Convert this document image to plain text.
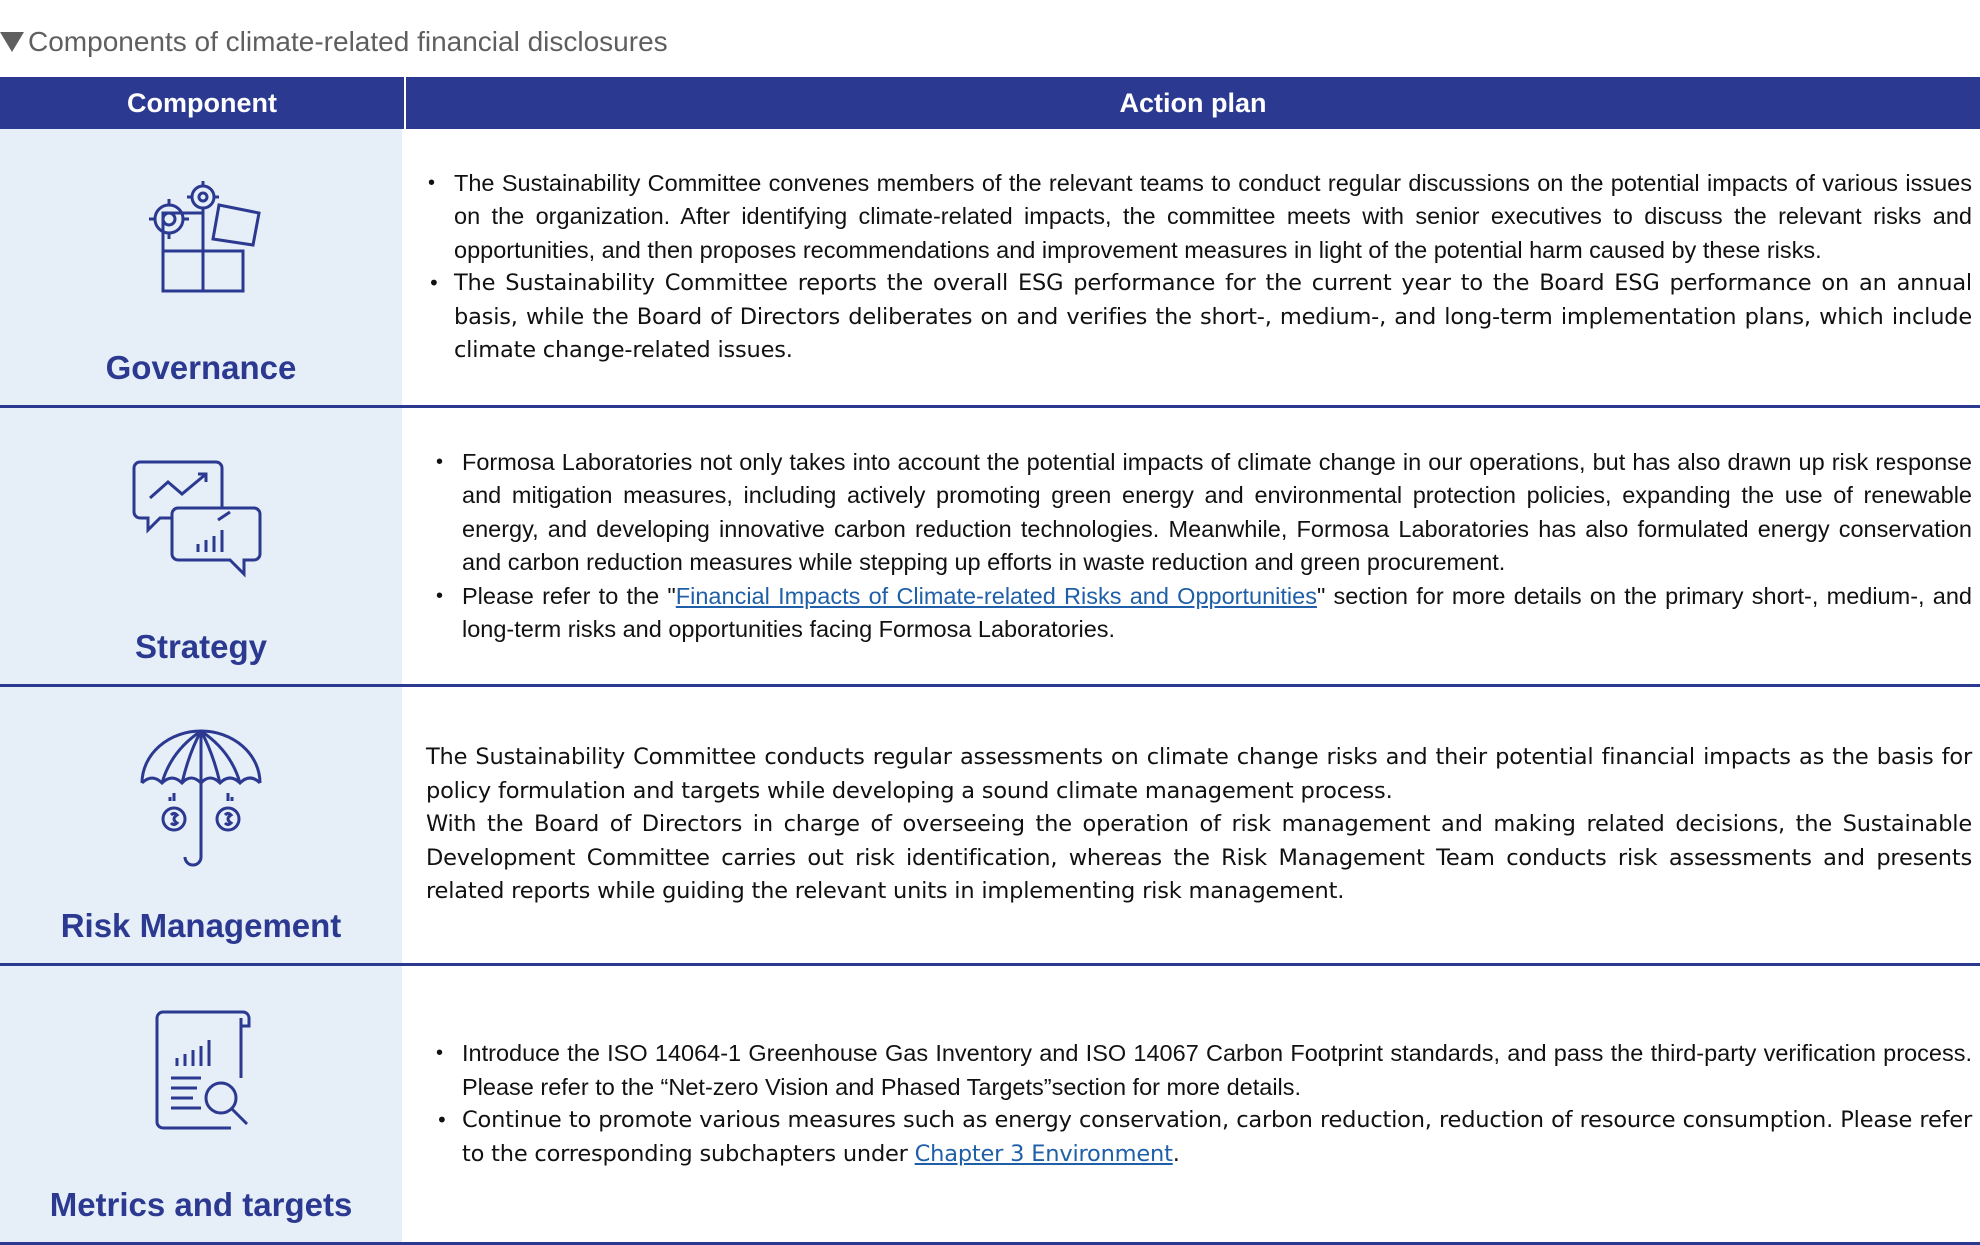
Components of climate-related financial disclosures
Component	Action plan
Governance
• The Sustainability Committee convenes members of the relevant teams to conduct regular discussions on the potential impacts of various issues on the organization. After identifying climate-related impacts, the committee meets with senior executives to discuss the relevant risks and opportunities, and then proposes recommendations and improvement measures in light of the potential harm caused by these risks.
• The Sustainability Committee reports the overall ESG performance for the current year to the Board ESG performance on an annual basis, while the Board of Directors deliberates on and verifies the short-, medium-, and long-term implementation plans, which include climate change-related issues.
Strategy
• Formosa Laboratories not only takes into account the potential impacts of climate change in our operations, but has also drawn up risk response and mitigation measures, including actively promoting green energy and environmental protection policies, expanding the use of renewable energy, and developing innovative carbon reduction technologies. Meanwhile, Formosa Laboratories has also formulated energy conservation and carbon reduction measures while stepping up efforts in waste reduction and green procurement.
• Please refer to the "Financial Impacts of Climate-related Risks and Opportunities" section for more details on the primary short-, medium-, and long-term risks and opportunities facing Formosa Laboratories.
Risk Management

The Sustainability Committee conducts regular assessments on climate change risks and their potential financial impacts as the basis for policy formulation and targets while developing a sound climate management process.

With the Board of Directors in charge of overseeing the operation of risk management and making related decisions, the Sustainable Development Committee carries out risk identification, whereas the Risk Management Team conducts risk assessments and presents related reports while guiding the relevant units in implementing risk management.

Metrics and targets
• Introduce the ISO 14064-1 Greenhouse Gas Inventory and ISO 14067 Carbon Footprint standards, and pass the third-party verification process. Please refer to the “Net-zero Vision and Phased Targets”section for more details.
• Continue to promote various measures such as energy conservation, carbon reduction, reduction of resource consumption. Please refer to the corresponding subchapters under Chapter 3 Environment.
